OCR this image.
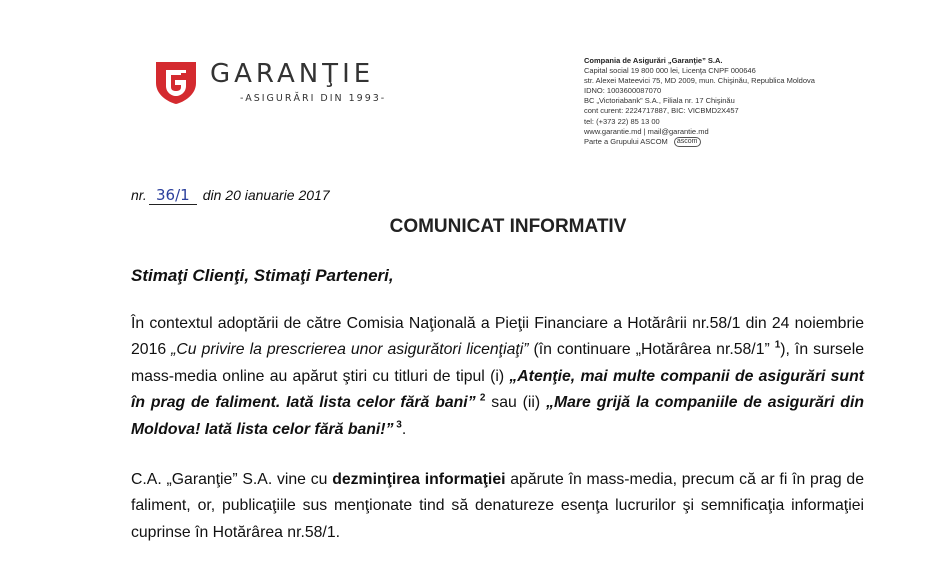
GARANŢIE
-ASIGURĂRI DIN 1993-
Compania de Asigurări „Garanţie” S.A.
Capital social 19 800 000 lei, Licenţa CNPF 000646
str. Alexei Mateevici 75, MD 2009, mun. Chişinău, Republica Moldova
IDNO: 1003600087070
BC „Victoriabank” S.A., Filiala nr. 17 Chişinău
cont curent: 2224717887, BIC: VICBMD2X457
tel: (+373 22) 85 13 00
www.garantie.md | mail@garantie.md
Parte a Grupului ASCOM ascom
nr. 36/1 din 20 ianuarie 2017
COMUNICAT INFORMATIV
Stimaţi Clienţi, Stimaţi Parteneri,
În contextul adoptării de către Comisia Naţională a Pieţii Financiare a Hotărârii nr.58/1 din 24 noiembrie 2016 „Cu privire la prescrierea unor asigurători licenţiaţi” (în continuare „Hotărârea nr.58/1” $^1$), în sursele mass-media online au apărut ştiri cu titluri de tipul (i) „Atenţie, mai multe companii de asigurări sunt în prag de faliment. Iată lista celor fără bani” $^2$ sau (ii) „Mare grijă la companiile de asigurări din Moldova! Iată lista celor fără bani!” $^3$.
C.A. „Garanţie” S.A. vine cu dezminţirea informaţiei apărute în mass-media, precum că ar fi în prag de faliment, or, publicaţiile sus menţionate tind să denatureze esenţa lucrurilor şi semnificaţia informaţiei cuprinse în Hotărârea nr.58/1.
